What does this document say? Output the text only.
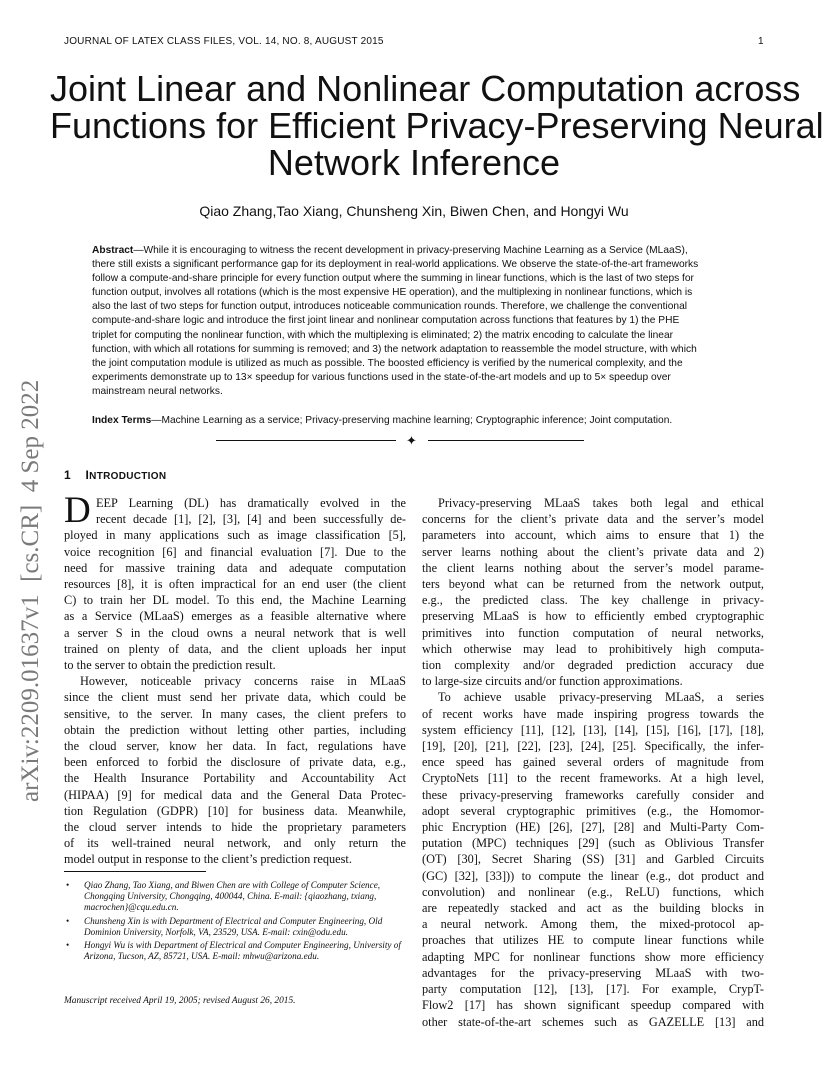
JOURNAL OF LATEX CLASS FILES, VOL. 14, NO. 8, AUGUST 2015	1
arXiv:2209.01637v1  [cs.CR]  4 Sep 2022
Joint Linear and Nonlinear Computation across
Functions for Efficient Privacy-Preserving Neural
Network Inference
Qiao Zhang,Tao Xiang, Chunsheng Xin, Biwen Chen, and Hongyi Wu
Abstract—While it is encouraging to witness the recent development in privacy-preserving Machine Learning as a Service (MLaaS),
there still exists a significant performance gap for its deployment in real-world applications. We observe the state-of-the-art frameworks
follow a compute-and-share principle for every function output where the summing in linear functions, which is the last of two steps for
function output, involves all rotations (which is the most expensive HE operation), and the multiplexing in nonlinear functions, which is
also the last of two steps for function output, introduces noticeable communication rounds. Therefore, we challenge the conventional
compute-and-share logic and introduce the first joint linear and nonlinear computation across functions that features by 1) the PHE
triplet for computing the nonlinear function, with which the multiplexing is eliminated; 2) the matrix encoding to calculate the linear
function, with which all rotations for summing is removed; and 3) the network adaptation to reassemble the model structure, with which
the joint computation module is utilized as much as possible. The boosted efficiency is verified by the numerical complexity, and the
experiments demonstrate up to 13× speedup for various functions used in the state-of-the-art models and up to 5× speedup over
mainstream neural networks.
Index Terms—Machine Learning as a service; Privacy-preserving machine learning; Cryptographic inference; Joint computation.
✦
1 INTRODUCTION
D EEP Learning (DL) has dramatically evolved in the
recent decade [1], [2], [3], [4] and been successfully de-
ployed in many applications such as image classification [5],
voice recognition [6] and financial evaluation [7]. Due to the
need for massive training data and adequate computation
resources [8], it is often impractical for an end user (the client
C) to train her DL model. To this end, the Machine Learning
as a Service (MLaaS) emerges as a feasible alternative where
a server S in the cloud owns a neural network that is well
trained on plenty of data, and the client uploads her input
to the server to obtain the prediction result.
However, noticeable privacy concerns raise in MLaaS
since the client must send her private data, which could be
sensitive, to the server. In many cases, the client prefers to
obtain the prediction without letting other parties, including
the cloud server, know her data. In fact, regulations have
been enforced to forbid the disclosure of private data, e.g.,
the Health Insurance Portability and Accountability Act
(HIPAA) [9] for medical data and the General Data Protec-
tion Regulation (GDPR) [10] for business data. Meanwhile,
the cloud server intends to hide the proprietary parameters
of its well-trained neural network, and only return the
model output in response to the client’s prediction request.
Privacy-preserving MLaaS takes both legal and ethical
concerns for the client’s private data and the server’s model
parameters into account, which aims to ensure that 1) the
server learns nothing about the client’s private data and 2)
the client learns nothing about the server’s model parame-
ters beyond what can be returned from the network output,
e.g., the predicted class. The key challenge in privacy-
preserving MLaaS is how to efficiently embed cryptographic
primitives into function computation of neural networks,
which otherwise may lead to prohibitively high computa-
tion complexity and/or degraded prediction accuracy due
to large-size circuits and/or function approximations.
To achieve usable privacy-preserving MLaaS, a series
of recent works have made inspiring progress towards the
system efficiency [11], [12], [13], [14], [15], [16], [17], [18],
[19], [20], [21], [22], [23], [24], [25]. Specifically, the infer-
ence speed has gained several orders of magnitude from
CryptoNets [11] to the recent frameworks. At a high level,
these privacy-preserving frameworks carefully consider and
adopt several cryptographic primitives (e.g., the Homomor-
phic Encryption (HE) [26], [27], [28] and Multi-Party Com-
putation (MPC) techniques [29] (such as Oblivious Transfer
(OT) [30], Secret Sharing (SS) [31] and Garbled Circuits
(GC) [32], [33])) to compute the linear (e.g., dot product and
convolution) and nonlinear (e.g., ReLU) functions, which
are repeatedly stacked and act as the building blocks in
a neural network. Among them, the mixed-protocol ap-
proaches that utilizes HE to compute linear functions while
adapting MPC for nonlinear functions show more efficiency
advantages for the privacy-preserving MLaaS with two-
party computation [12], [13], [17]. For example, CrypT-
Flow2 [17] has shown significant speedup compared with
other state-of-the-art schemes such as GAZELLE [13] and
• Qiao Zhang, Tao Xiang, and Biwen Chen are with College of Computer Science, Chongqing University, Chongqing, 400044, China. E-mail: {qiaozhang, txiang, macrochen}@cqu.edu.cn.
• Chunsheng Xin is with Department of Electrical and Computer Engineering, Old Dominion University, Norfolk, VA, 23529, USA. E-mail: cxin@odu.edu.
• Hongyi Wu is with Department of Electrical and Computer Engineering, University of Arizona, Tucson, AZ, 85721, USA. E-mail: mhwu@arizona.edu.
Manuscript received April 19, 2005; revised August 26, 2015.
